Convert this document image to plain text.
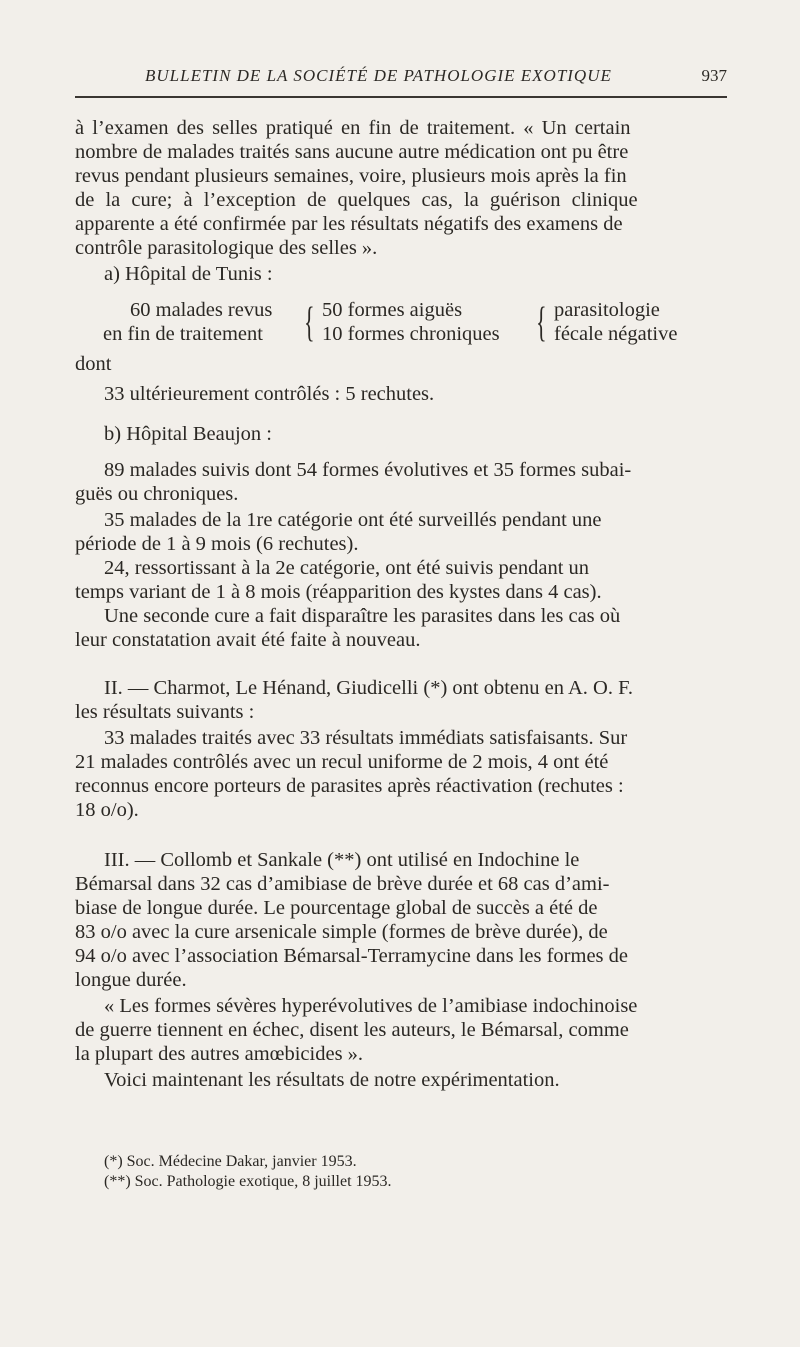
BULLETIN DE LA SOCIÉTÉ DE PATHOLOGIE EXOTIQUE	937
à l’examen des selles pratiqué en fin de traitement. « Un certain
nombre de malades traités sans aucune autre médication ont pu être
revus pendant plusieurs semaines, voire, plusieurs mois après la fin
de la cure; à l’exception de quelques cas, la guérison clinique
apparente a été confirmée par les résultats négatifs des examens de
contrôle parasitologique des selles ».
a) Hôpital de Tunis :
60 malades revus
en fin de traitement { 50 formes aiguës
10 formes chroniques { parasitologie
fécale négative
dont
33 ultérieurement contrôlés : 5 rechutes.
b) Hôpital Beaujon :
89 malades suivis dont 54 formes évolutives et 35 formes subai-
guës ou chroniques.
35 malades de la 1re catégorie ont été surveillés pendant une
période de 1 à 9 mois (6 rechutes).
24, ressortissant à la 2e catégorie, ont été suivis pendant un
temps variant de 1 à 8 mois (réapparition des kystes dans 4 cas).
Une seconde cure a fait disparaître les parasites dans les cas où
leur constatation avait été faite à nouveau.
II. — Charmot, Le Hénand, Giudicelli (*) ont obtenu en A. O. F.
les résultats suivants :
33 malades traités avec 33 résultats immédiats satisfaisants. Sur
21 malades contrôlés avec un recul uniforme de 2 mois, 4 ont été
reconnus encore porteurs de parasites après réactivation (rechutes :
18 o/o).
III. — Collomb et Sankale (**) ont utilisé en Indochine le
Bémarsal dans 32 cas d’amibiase de brève durée et 68 cas d’ami-
biase de longue durée. Le pourcentage global de succès a été de
83 o/o avec la cure arsenicale simple (formes de brève durée), de
94 o/o avec l’association Bémarsal-Terramycine dans les formes de
longue durée.
« Les formes sévères hyperévolutives de l’amibiase indochinoise
de guerre tiennent en échec, disent les auteurs, le Bémarsal, comme
la plupart des autres amœbicides ».
Voici maintenant les résultats de notre expérimentation.
(*) Soc. Médecine Dakar, janvier 1953.
(**) Soc. Pathologie exotique, 8 juillet 1953.
